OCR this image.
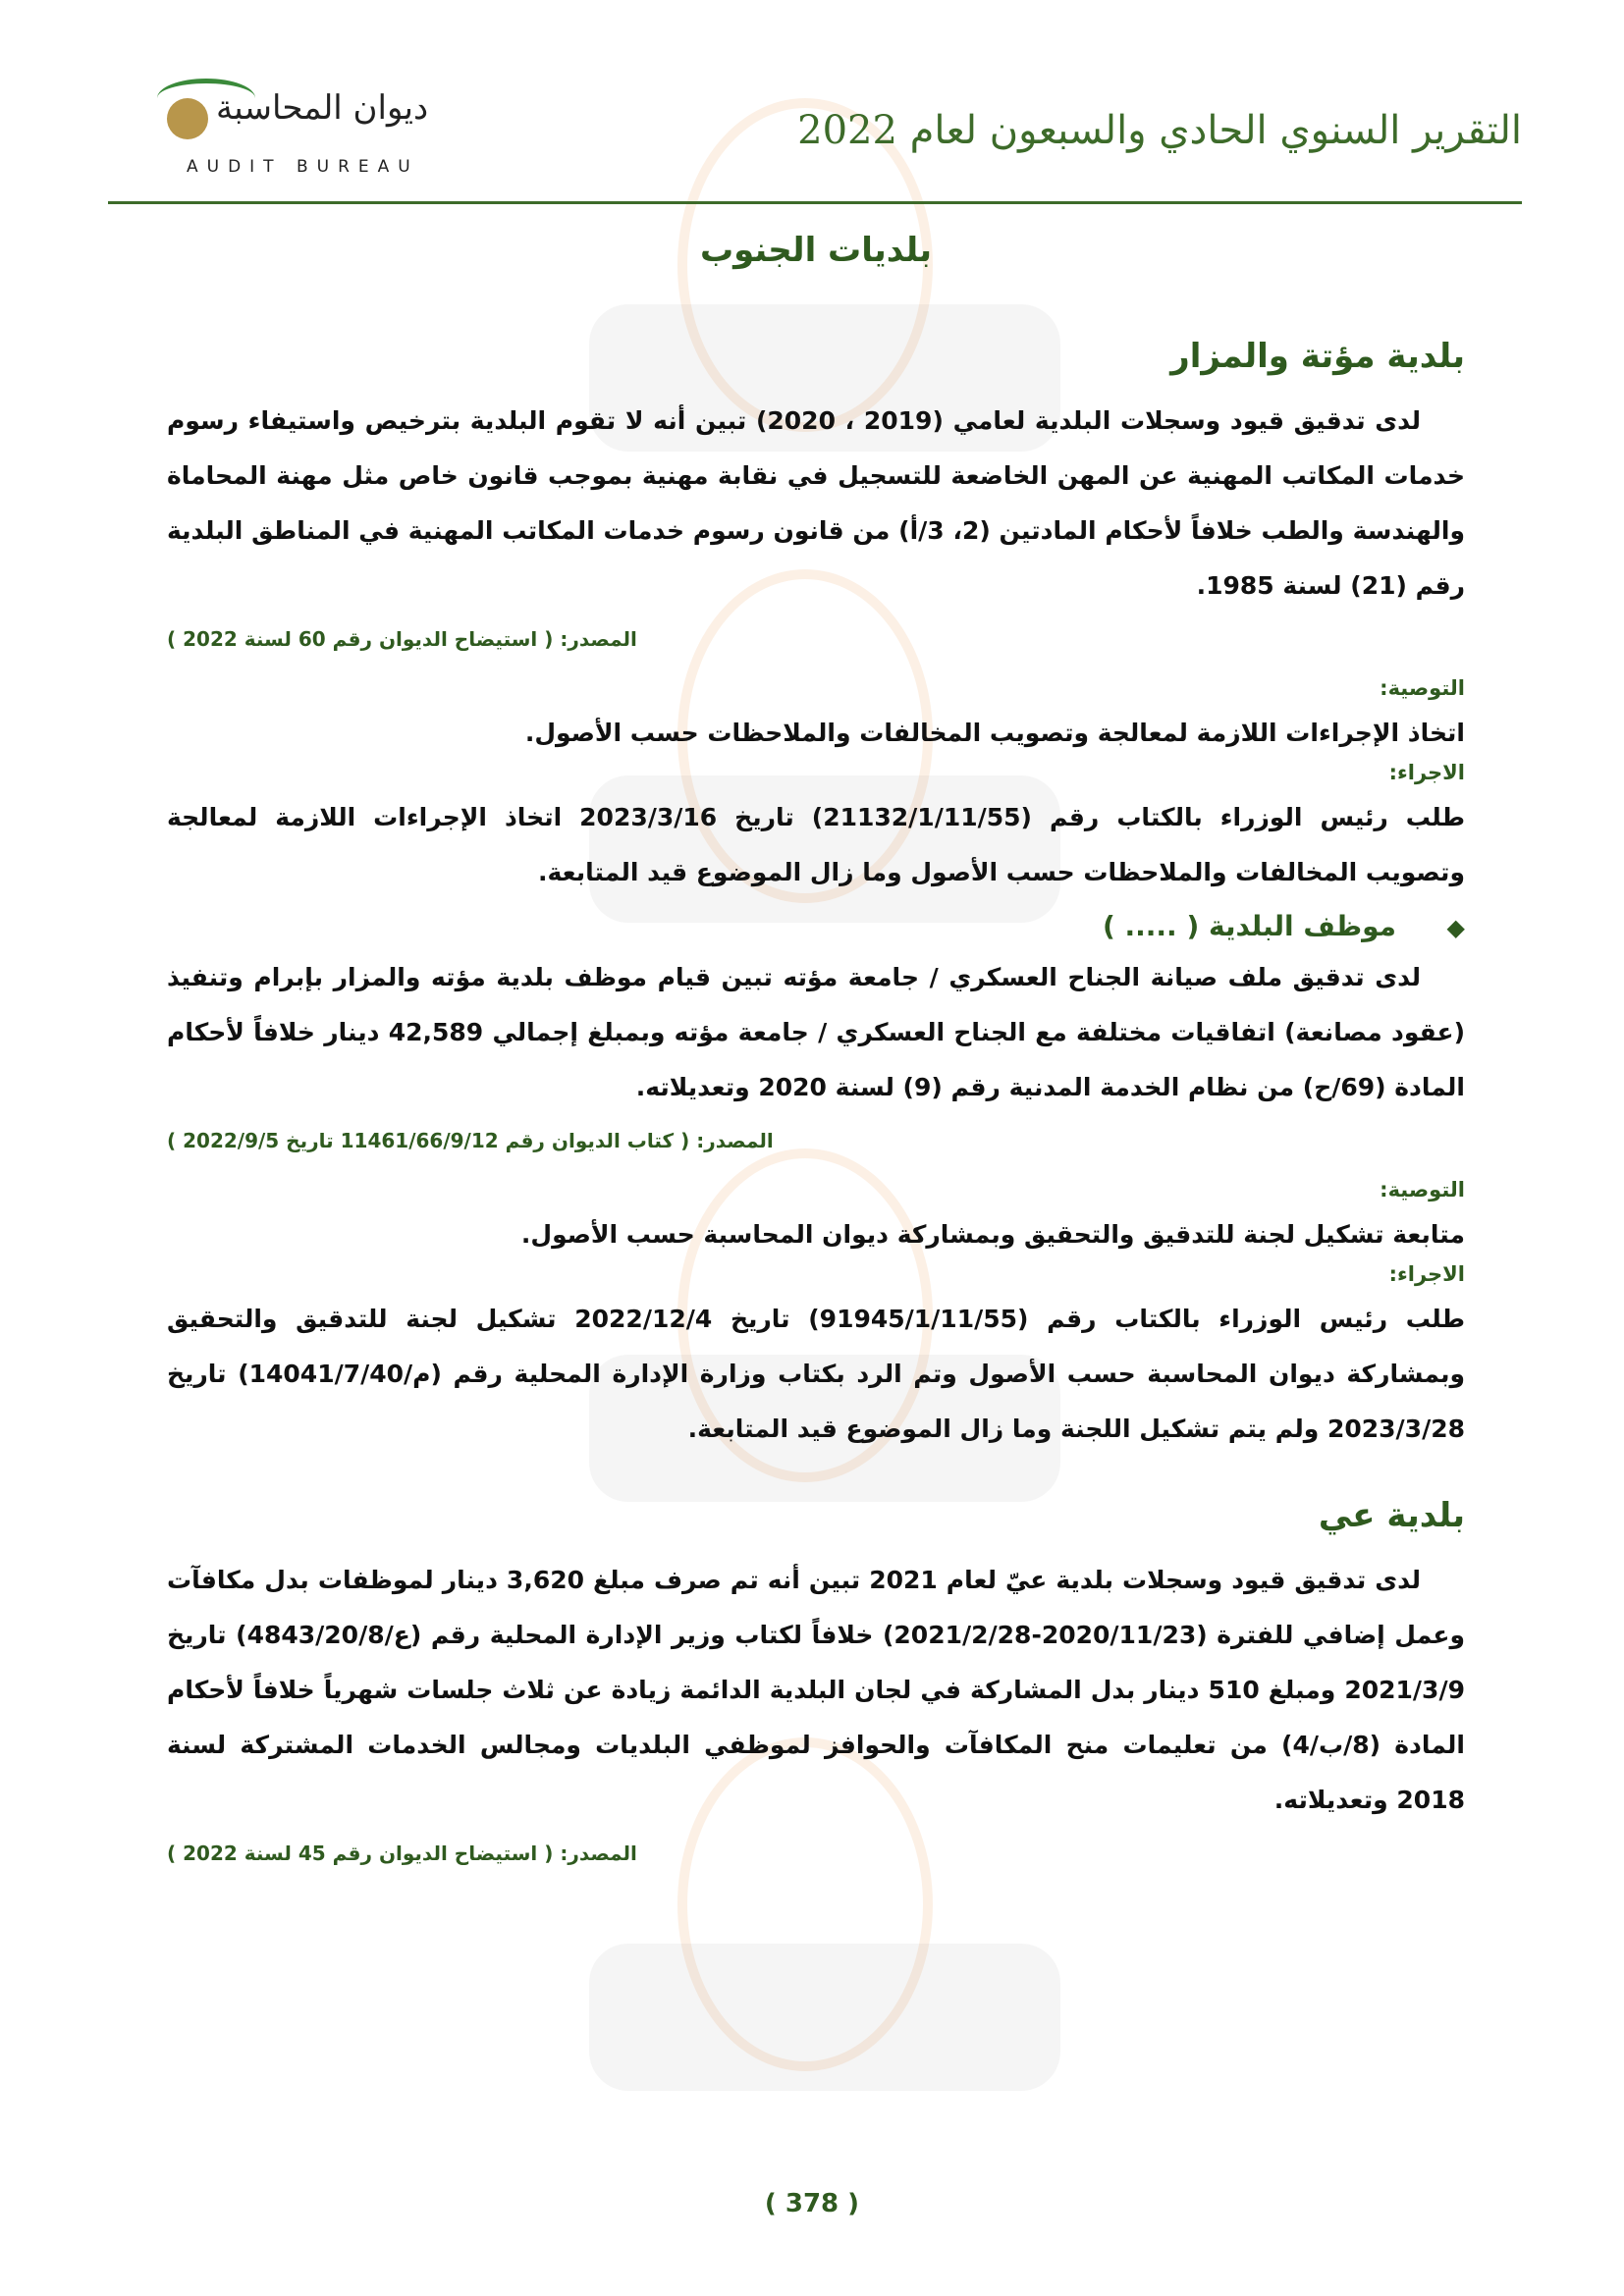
ديوان المحاسبة
AUDIT BUREAU
التقرير السنوي الحادي والسبعون لعام 2022
بلديات الجنوب
بلدية مؤتة والمزار

لدى تدقيق قيود وسجلات البلدية لعامي (2019 ، 2020) تبين أنه لا تقوم البلدية بترخيص واستيفاء رسوم خدمات المكاتب المهنية عن المهن الخاضعة للتسجيل في نقابة مهنية بموجب قانون خاص مثل مهنة المحاماة والهندسة والطب خلافاً لأحكام المادتين (2، 3/أ) من قانون رسوم خدمات المكاتب المهنية في المناطق البلدية رقم (21) لسنة 1985.

المصدر: ( استيضاح الديوان رقم 60 لسنة 2022 )
التوصية:

اتخاذ الإجراءات اللازمة لمعالجة وتصويب المخالفات والملاحظات حسب الأصول.

الاجراء:

طلب رئيس الوزراء بالكتاب رقم (21132/1/11/55) تاريخ 2023/3/16 اتخاذ الإجراءات اللازمة لمعالجة وتصويب المخالفات والملاحظات حسب الأصول وما زال الموضوع قيد المتابعة.

◆
موظف البلدية ( ..... )

لدى تدقيق ملف صيانة الجناح العسكري / جامعة مؤته تبين قيام موظف بلدية مؤته والمزار بإبرام وتنفيذ (عقود مصانعة) اتفاقيات مختلفة مع الجناح العسكري / جامعة مؤته وبمبلغ إجمالي 42,589 دينار خلافاً لأحكام المادة (69/ح) من نظام الخدمة المدنية رقم (9) لسنة 2020 وتعديلاته.

المصدر: ( كتاب الديوان رقم 11461/66/9/12 تاريخ 2022/9/5 )
التوصية:

متابعة تشكيل لجنة للتدقيق والتحقيق وبمشاركة ديوان المحاسبة حسب الأصول.

الاجراء:

طلب رئيس الوزراء بالكتاب رقم (91945/1/11/55) تاريخ 2022/12/4 تشكيل لجنة للتدقيق والتحقيق وبمشاركة ديوان المحاسبة حسب الأصول وتم الرد بكتاب وزارة الإدارة المحلية رقم (م/14041/7/40) تاريخ 2023/3/28 ولم يتم تشكيل اللجنة وما زال الموضوع قيد المتابعة.

بلدية عي

لدى تدقيق قيود وسجلات بلدية عيّ لعام 2021 تبين أنه تم صرف مبلغ 3,620 دينار لموظفات بدل مكافآت وعمل إضافي للفترة (2020/11/23-2021/2/28) خلافاً لكتاب وزير الإدارة المحلية رقم (ع/4843/20/8) تاريخ 2021/3/9 ومبلغ 510 دينار بدل المشاركة في لجان البلدية الدائمة زيادة عن ثلاث جلسات شهرياً خلافاً لأحكام المادة (8/ب/4) من تعليمات منح المكافآت والحوافز لموظفي البلديات ومجالس الخدمات المشتركة لسنة 2018 وتعديلاته.

المصدر: ( استيضاح الديوان رقم 45 لسنة 2022 )
( 378 )
